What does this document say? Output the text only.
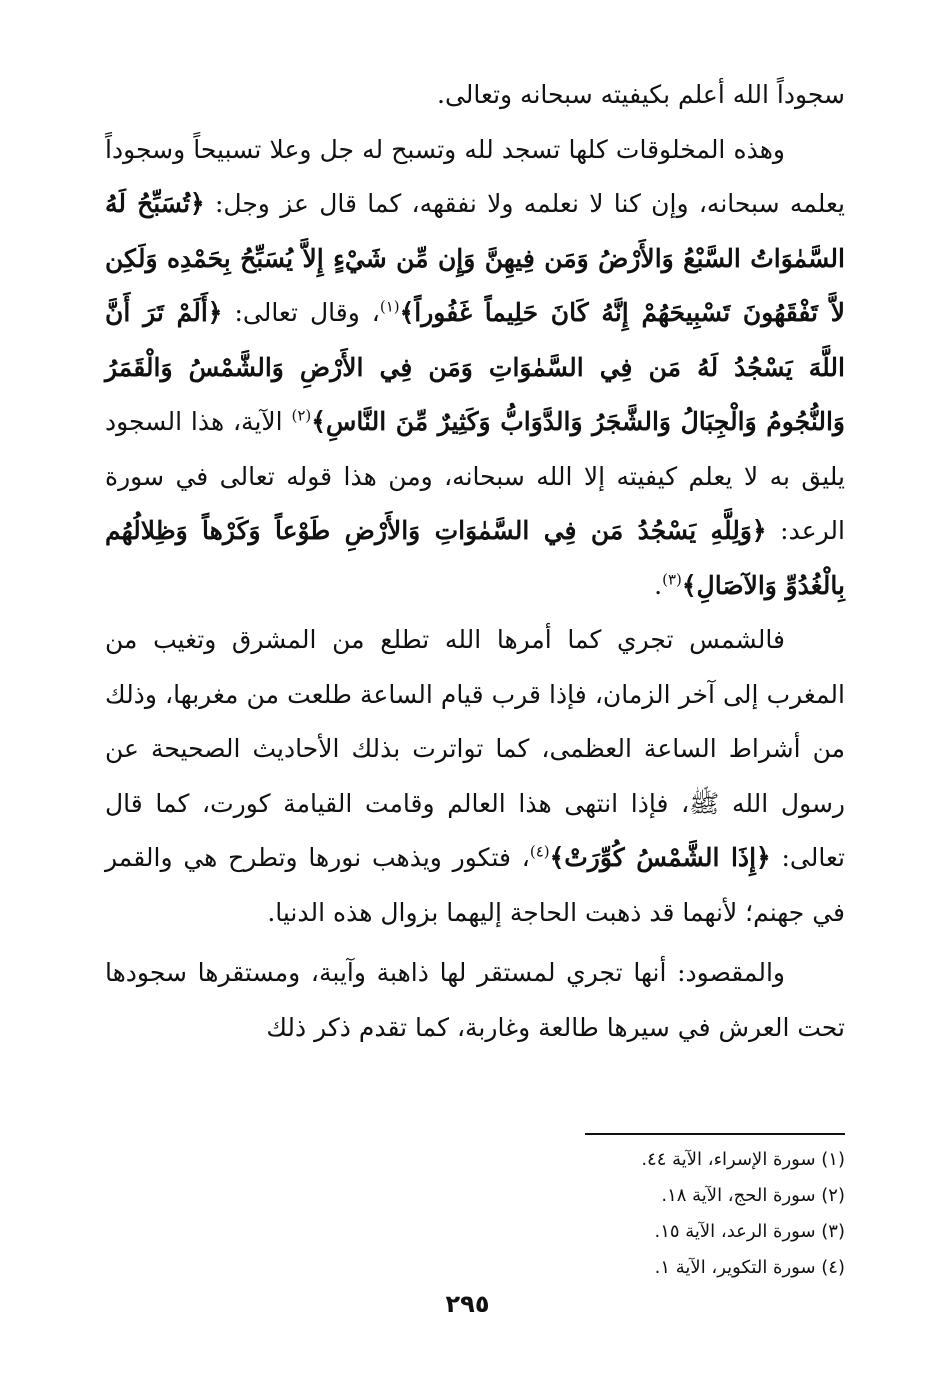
سجوداً الله أعلم بكيفيته سبحانه وتعالى.

وهذه المخلوقات كلها تسجد لله وتسبح له جل وعلا تسبيحاً وسجوداً يعلمه سبحانه، وإن كنا لا نعلمه ولا نفقهه، كما قال عز وجل: ﴿تُسَبِّحُ لَهُ السَّمٰوَاتُ السَّبْعُ وَالأَرْضُ وَمَن فِيهِنَّ وَإِن مِّن شَيْءٍ إِلاَّ يُسَبِّحُ بِحَمْدِه وَلَكِن لاَّ تَفْقَهُونَ تَسْبِيحَهُمْ إِنَّهُ كَانَ حَلِيماً غَفُوراً﴾$^{(١)}$، وقال تعالى: ﴿أَلَمْ تَرَ أَنَّ اللَّهَ يَسْجُدُ لَهُ مَن فِي السَّمٰوَاتِ وَمَن فِي الأَرْضِ وَالشَّمْسُ وَالْقَمَرُ وَالنُّجُومُ وَالْجِبَالُ وَالشَّجَرُ وَالدَّوَابُّ وَكَثِيرٌ مِّنَ النَّاسِ﴾$^{(٢)}$ الآية، هذا السجود يليق به لا يعلم كيفيته إلا الله سبحانه، ومن هذا قوله تعالى في سورة الرعد: ﴿وَلِلَّهِ يَسْجُدُ مَن فِي السَّمٰوَاتِ وَالأَرْضِ طَوْعاً وَكَرْهاً وَظِلالُهُم بِالْغُدُوِّ وَالآصَالِ﴾$^{(٣)}$.

فالشمس تجري كما أمرها الله تطلع من المشرق وتغيب من المغرب إلى آخر الزمان، فإذا قرب قيام الساعة طلعت من مغربها، وذلك من أشراط الساعة العظمى، كما تواترت بذلك الأحاديث الصحيحة عن رسول الله ﷺ، فإذا انتهى هذا العالم وقامت القيامة كورت، كما قال تعالى: ﴿إِذَا الشَّمْسُ كُوِّرَتْ﴾$^{(٤)}$، فتكور ويذهب نورها وتطرح هي والقمر في جهنم؛ لأنهما قد ذهبت الحاجة إليهما بزوال هذه الدنيا.

والمقصود: أنها تجري لمستقر لها ذاهبة وآيبة، ومستقرها سجودها تحت العرش في سيرها طالعة وغاربة، كما تقدم ذكر ذلك

(١) سورة الإسراء، الآية ٤٤.

(٢) سورة الحج، الآية ١٨.

(٣) سورة الرعد، الآية ١٥.

(٤) سورة التكوير، الآية ١.

٢٩٥
